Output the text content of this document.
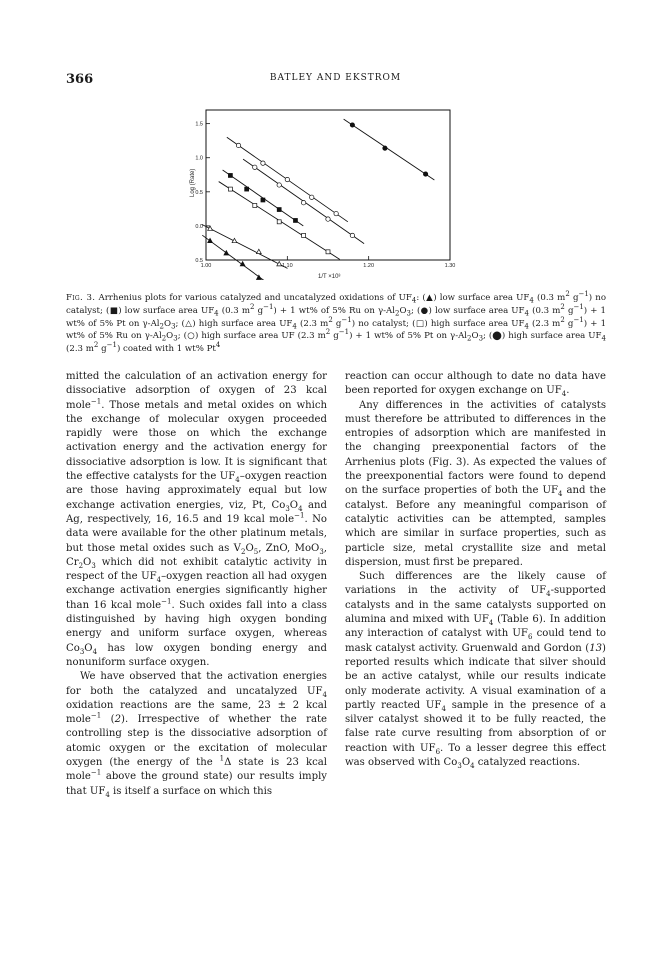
366	BATLEY AND EKSTROM
1.00	1.10	1.20	1.30
0.5
0.0
0.5
1.0
1.5
Log (Rate)
1/T ×10³
Fig. 3. Arrhenius plots for various catalyzed and uncatalyzed oxidations of $UF_4$: (▲) low surface area $UF_4$ (0.3 $m^2$ $g^{-1}$) no catalyst; (■) low surface area $UF_4$ (0.3 $m^2$ $g^{-1}) + 1$ wt% of 5% Ru on $\gamma-Al_2O_3$; (●) low surface area $UF_4$ (0.3 $m^2$ $g^{-1}) + 1$ wt% of 5% Pt on $\gamma-Al_2O_3$; (△) high surface area $UF_4$ (2.3 $m^2$ $g^{-1}$) no catalyst; (□) high surface area $UF_4$ (2.3 $m^2$ $g^{-1}) + 1$ wt% of 5% Ru on $\gamma-Al_2O_3$; (○) high surface area UF (2.3 $m^2$ $g^{-1}) + 1$ wt% of 5% Pt on $\gamma-Al_2O_3$; (⬤) high surface area $UF_4$ (2.3 $m^2$ $g^{-1}$) coated with 1 wt% Pt$^4$

mitted the calculation of an activation energy for dissociative adsorption of oxygen of 23 kcal mole$^{-1}$. Those metals and metal oxides on which the exchange of molecular oxygen proceeded rapidly were those on which the exchange activation energy and the activation energy for dissociative adsorption is low. It is significant that the effective catalysts for the $UF_4$–oxygen reaction are those having approximately equal but low exchange activation energies, viz, Pt, $Co_3O_4$ and Ag, respectively, 16, 16.5 and 19 kcal mole$^{-1}$. No data were available for the other platinum metals, but those metal oxides such as $V_2O_5$, ZnO, MoO$_3$, $Cr_2O_3$ which did not exhibit catalytic activity in respect of the $UF_4$–oxygen reaction all had oxygen exchange activation energies significantly higher than 16 kcal mole$^{-1}$. Such oxides fall into a class distinguished by having high oxygen bonding energy and uniform surface oxygen, whereas $Co_3O_4$ has low oxygen bonding energy and nonuniform surface oxygen.

We have observed that the activation energies for both the catalyzed and uncatalyzed $UF_4$ oxidation reactions are the same, 23 ± 2 kcal mole$^{-1}$ (2). Irrespective of whether the rate controlling step is the dissociative adsorption of atomic oxygen or the excitation of molecular oxygen (the energy of the $^1$Δ state is 23 kcal mole$^{-1}$ above the ground state) our results imply that $UF_4$ is itself a surface on which this

reaction can occur although to date no data have been reported for oxygen exchange on $UF_4$.

Any differences in the activities of catalysts must therefore be attributed to differences in the entropies of adsorption which are manifested in the changing preexponential factors of the Arrhenius plots (Fig. 3). As expected the values of the preexponential factors were found to depend on the surface properties of both the $UF_4$ and the catalyst. Before any meaningful comparison of catalytic activities can be attempted, samples which are similar in surface properties, such as particle size, metal crystallite size and metal dispersion, must first be prepared.

Such differences are the likely cause of variations in the activity of $UF_4$-supported catalysts and in the same catalysts supported on alumina and mixed with $UF_4$ (Table 6). In addition any interaction of catalyst with $UF_6$ could tend to mask catalyst activity. Gruenwald and Gordon (13) reported results which indicate that silver should be an active catalyst, while our results indicate only moderate activity. A visual examination of a partly reacted $UF_4$ sample in the presence of a silver catalyst showed it to be fully reacted, the false rate curve resulting from absorption of or reaction with $UF_6$. To a lesser degree this effect was observed with $Co_3O_4$ catalyzed reactions.
